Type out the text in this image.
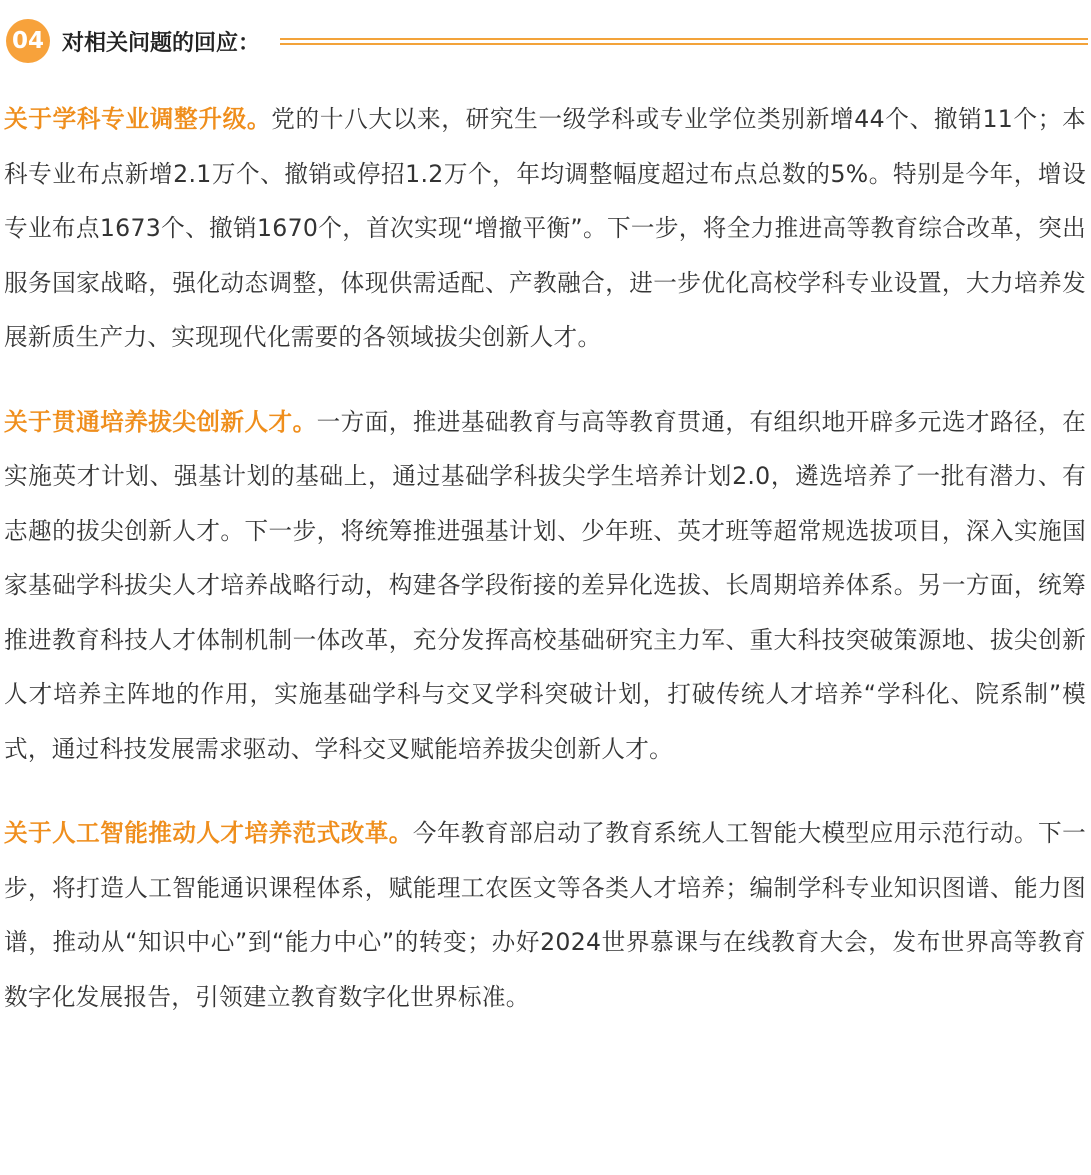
04 对相关问题的回应：

关于学科专业调整升级。党的十八大以来，研究生一级学科或专业学位类别新增44个、撤销11个；本科专业布点新增2.1万个、撤销或停招1.2万个，年均调整幅度超过布点总数的5%。特别是今年，增设专业布点1673个、撤销1670个，首次实现“增撤平衡”。下一步，将全力推进高等教育综合改革，突出服务国家战略，强化动态调整，体现供需适配、产教融合，进一步优化高校学科专业设置，大力培养发展新质生产力、实现现代化需要的各领域拔尖创新人才。

关于贯通培养拔尖创新人才。一方面，推进基础教育与高等教育贯通，有组织地开辟多元选才路径，在实施英才计划、强基计划的基础上，通过基础学科拔尖学生培养计划2.0，遴选培养了一批有潜力、有志趣的拔尖创新人才。下一步，将统筹推进强基计划、少年班、英才班等超常规选拔项目，深入实施国家基础学科拔尖人才培养战略行动，构建各学段衔接的差异化选拔、长周期培养体系。另一方面，统筹推进教育科技人才体制机制一体改革，充分发挥高校基础研究主力军、重大科技突破策源地、拔尖创新人才培养主阵地的作用，实施基础学科与交叉学科突破计划，打破传统人才培养“学科化、院系制”模式，通过科技发展需求驱动、学科交叉赋能培养拔尖创新人才。

关于人工智能推动人才培养范式改革。今年教育部启动了教育系统人工智能大模型应用示范行动。下一步，将打造人工智能通识课程体系，赋能理工农医文等各类人才培养；编制学科专业知识图谱、能力图谱，推动从“知识中心”到“能力中心”的转变；办好2024世界慕课与在线教育大会，发布世界高等教育数字化发展报告，引领建立教育数字化世界标准。
